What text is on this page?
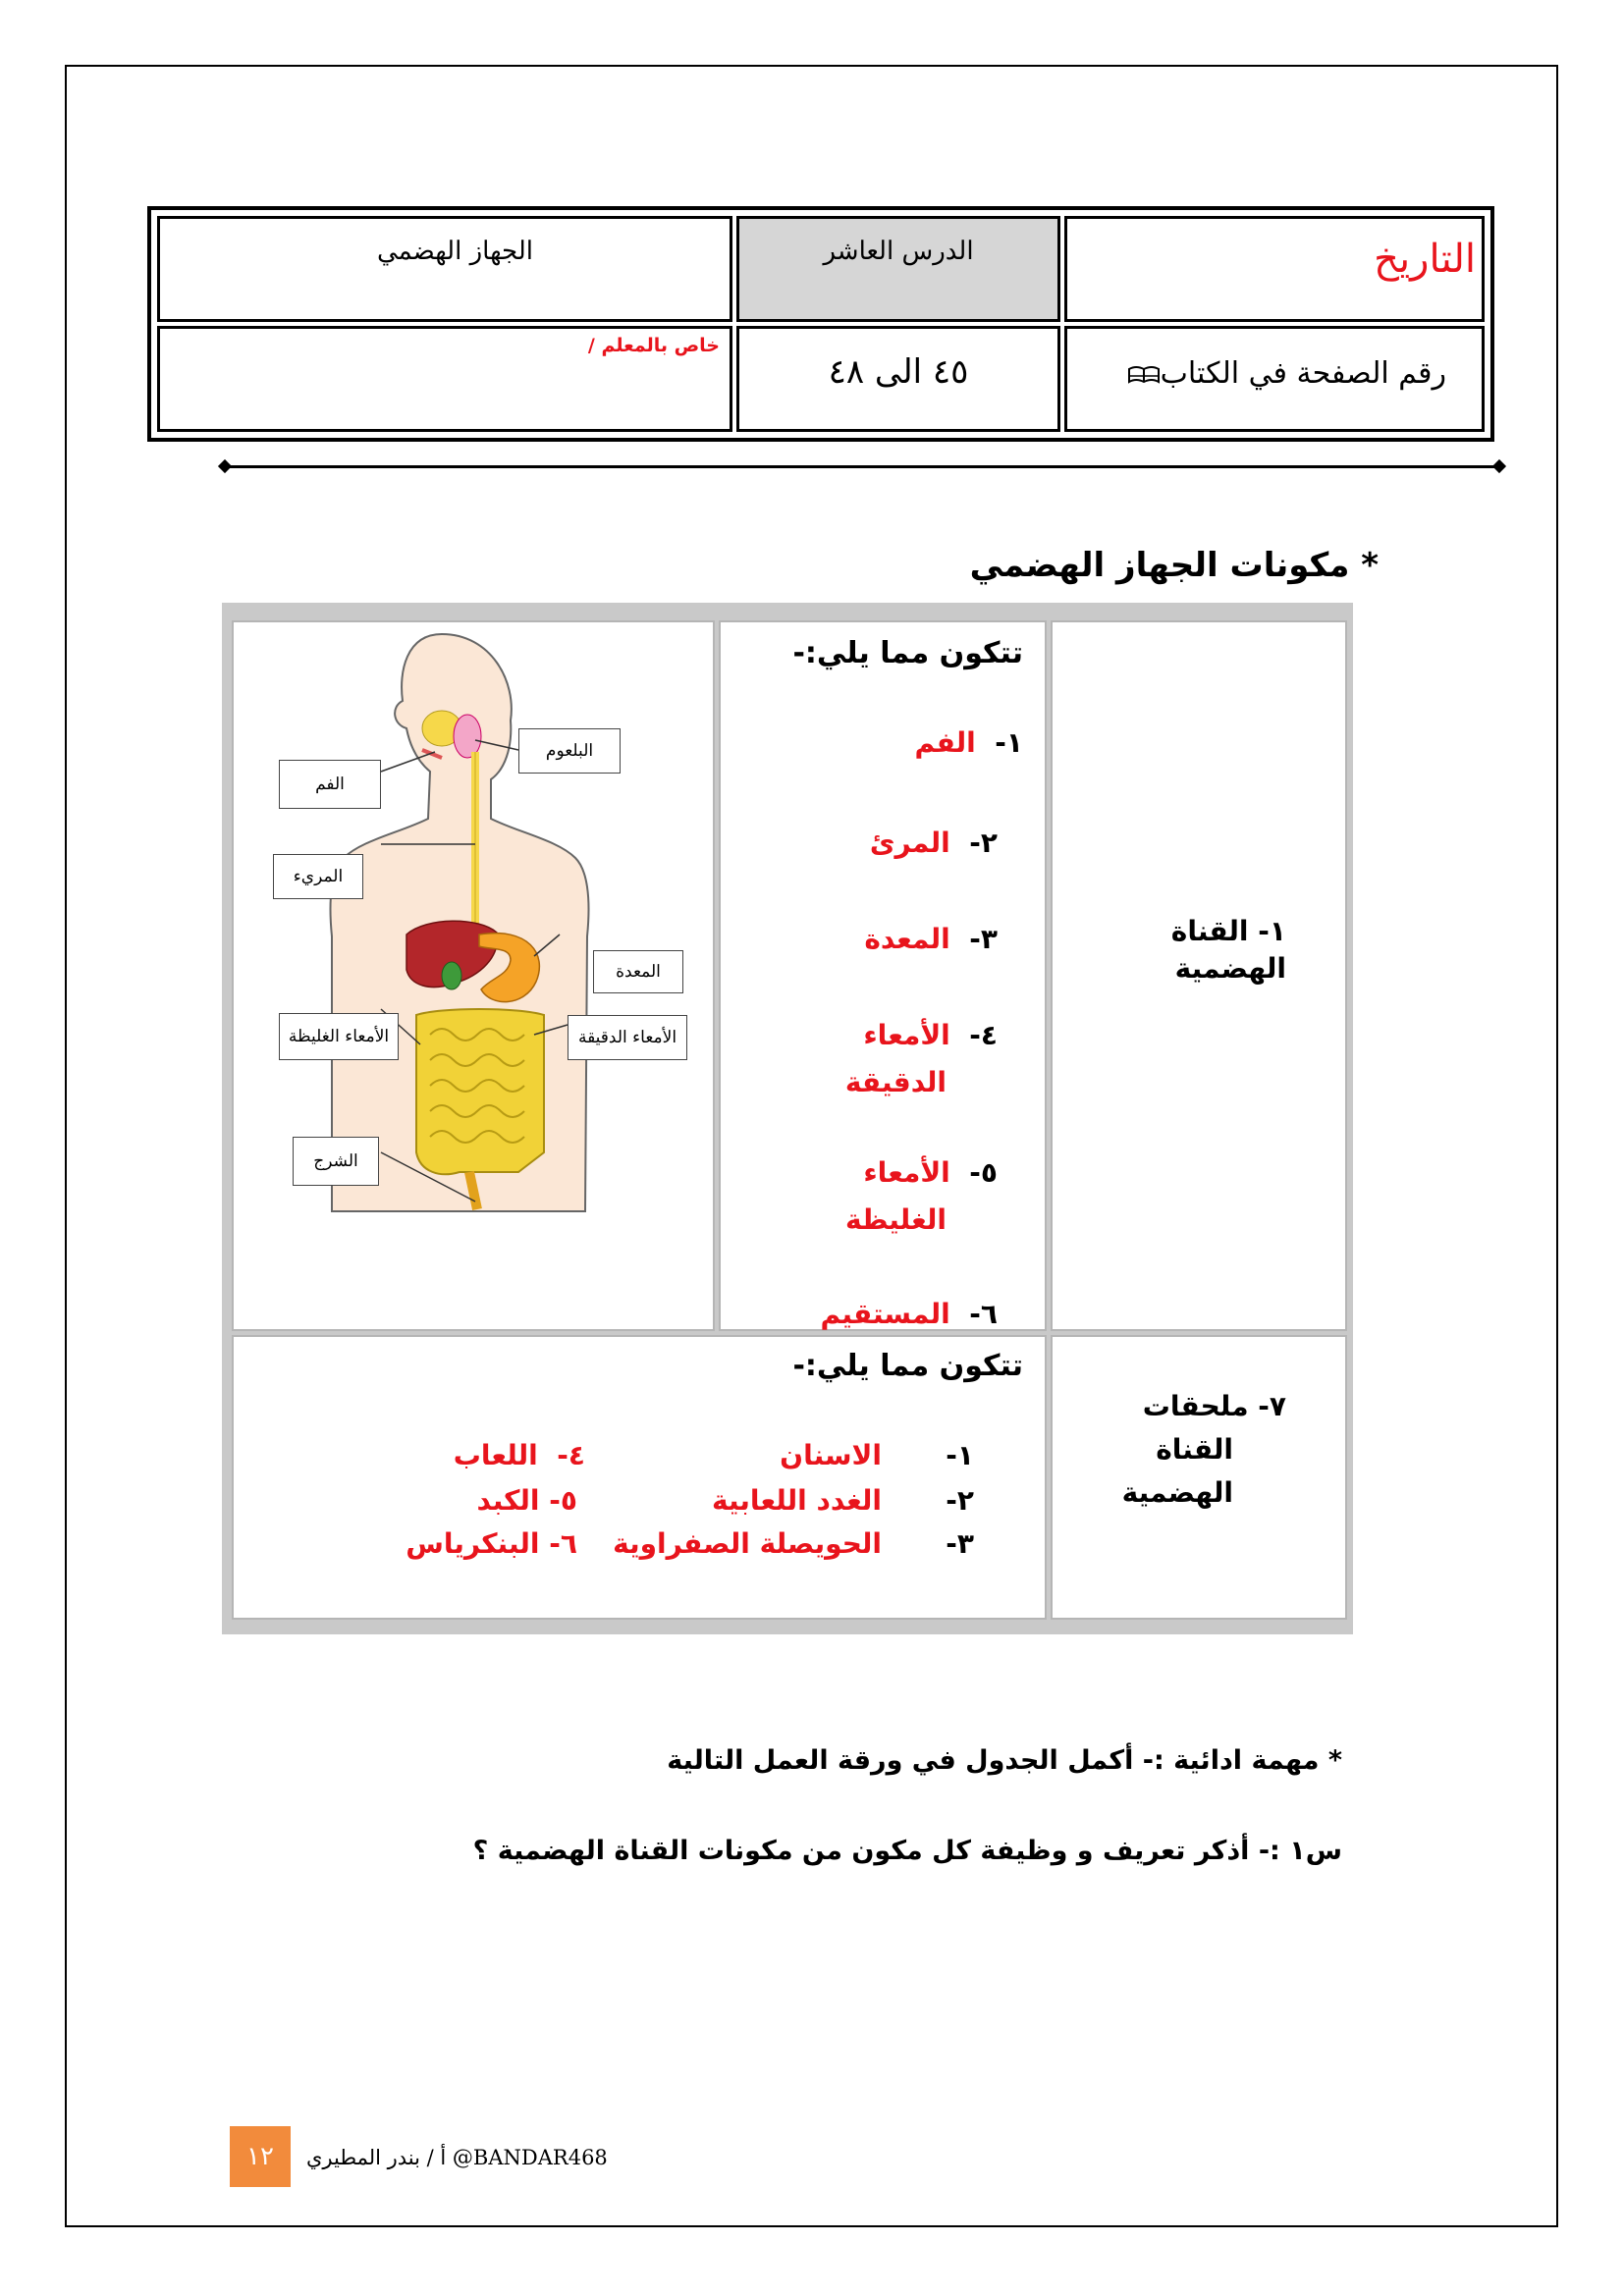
التاريخ
الدرس العاشر
الجهاز الهضمي
رقم الصفحة في الكتاب
٤٥ الى ٤٨
خاص بالمعلم /
* مكونات الجهاز الهضمي
١- القناة
الهضمية
تتكون مما يلي:-
١-  الفم
٢-  المرئ
٣-  المعدة
٤-  الأمعاء
الدقيقة
٥-  الأمعاء
الغليظة
٦-  المستقيم
الفم
البلعوم
المريء
المعدة
الأمعاء الغليظة	الأمعاء الدقيقة
الشرج
٧- ملحقات
القناة
الهضمية
تتكون مما يلي:-
١-
الاسنان
٢-
الغدد اللعابية
٣-
الحويصلة الصفراوية
٤-  اللعاب
٥- الكبد
٦- البنكرياس
* مهمة ادائية :- أكمل الجدول في ورقة العمل التالية
س١ :- أذكر تعريف و وظيفة كل مكون من مكونات القناة الهضمية ؟
١٢	أ / بندر المطيري @BANDAR468
